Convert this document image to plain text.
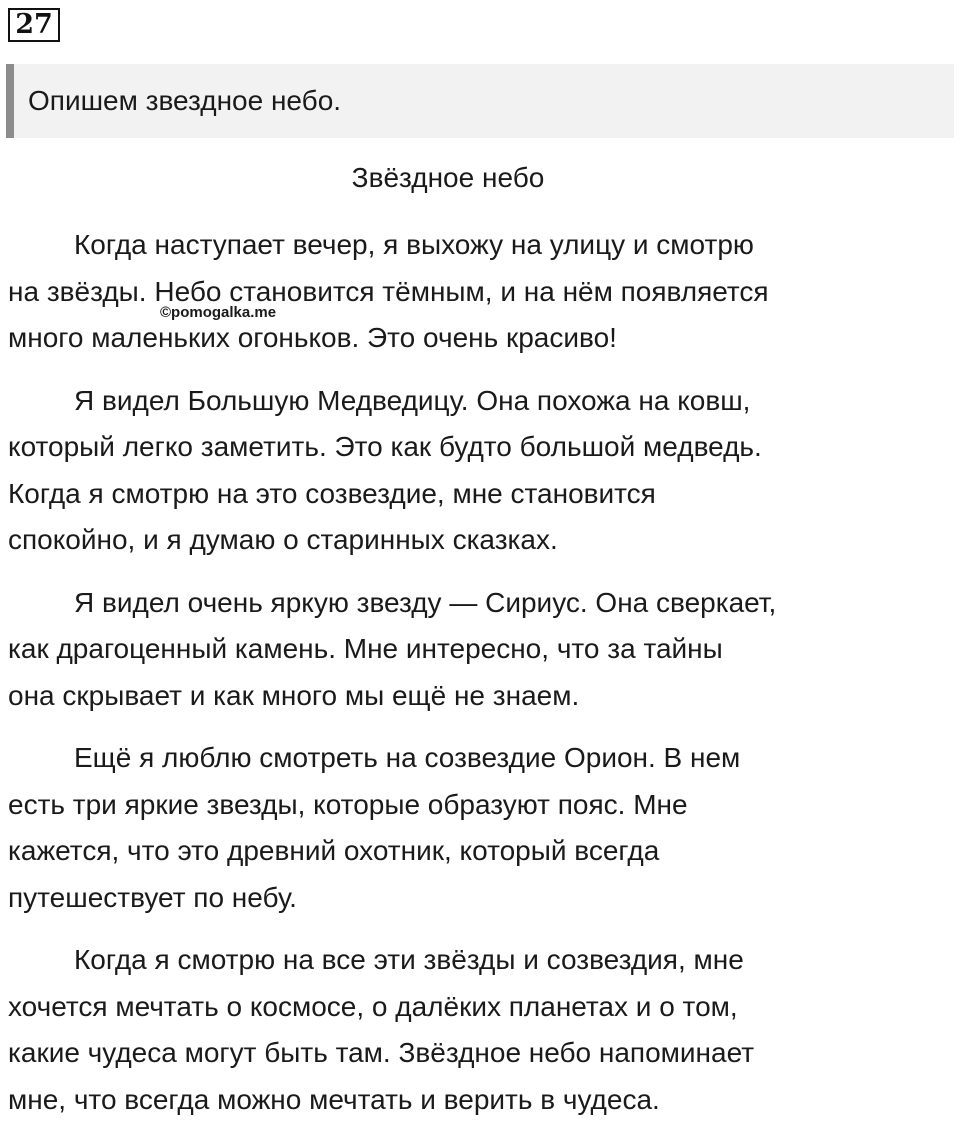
27
Опишем звездное небо.
Звёздное небо
Когда наступает вечер, я выхожу на улицу и смотрю
на звёзды. Небо становится тёмным, и на нём появляется
много маленьких огоньков. Это очень красиво!
Я видел Большую Медведицу. Она похожа на ковш,
который легко заметить. Это как будто большой медведь.
Когда я смотрю на это созвездие, мне становится
спокойно, и я думаю о старинных сказках.
Я видел очень яркую звезду — Сириус. Она сверкает,
как драгоценный камень. Мне интересно, что за тайны
она скрывает и как много мы ещё не знаем.
Ещё я люблю смотреть на созвездие Орион. В нем
есть три яркие звезды, которые образуют пояс. Мне
кажется, что это древний охотник, который всегда
путешествует по небу.
Когда я смотрю на все эти звёзды и созвездия, мне
хочется мечтать о космосе, о далёких планетах и о том,
какие чудеса могут быть там. Звёздное небо напоминает
мне, что всегда можно мечтать и верить в чудеса.
©pomogalka.me
